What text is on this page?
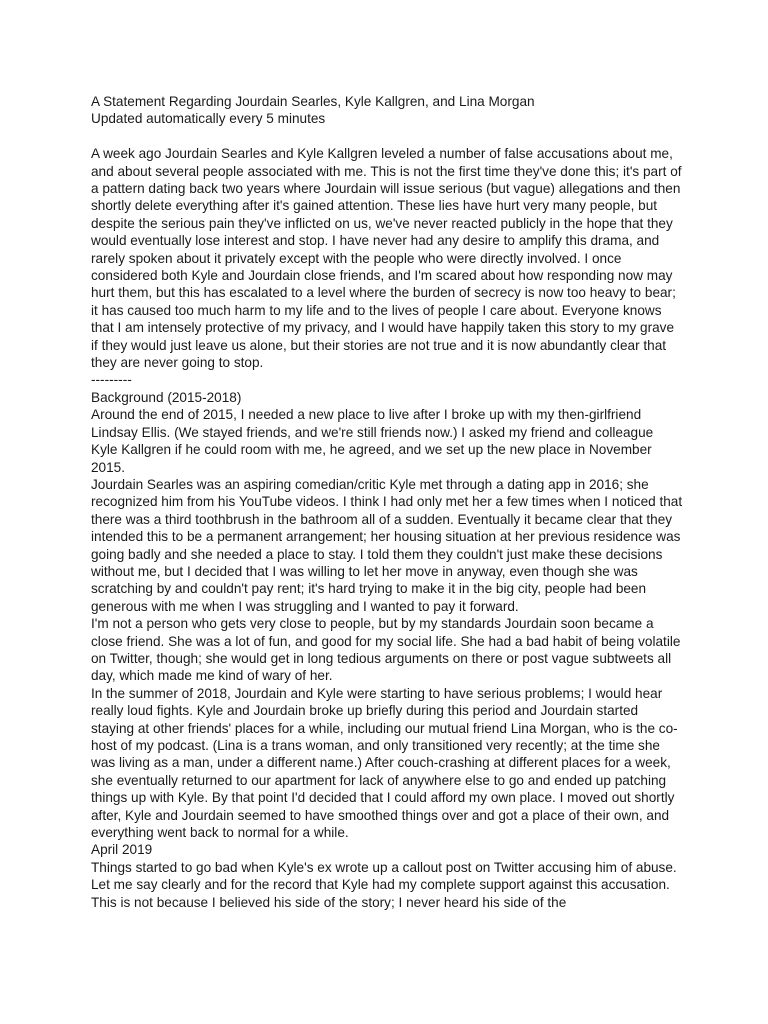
A Statement Regarding Jourdain Searles, Kyle Kallgren, and Lina Morgan

Updated automatically every 5 minutes

A week ago Jourdain Searles and Kyle Kallgren leveled a number of false accusations about me, and about several people associated with me. This is not the first time they've done this; it's part of a pattern dating back two years where Jourdain will issue serious (but vague) allegations and then shortly delete everything after it's gained attention. These lies have hurt very many people, but despite the serious pain they've inflicted on us, we've never reacted publicly in the hope that they would eventually lose interest and stop. I have never had any desire to amplify this drama, and rarely spoken about it privately except with the people who were directly involved. I once considered both Kyle and Jourdain close friends, and I'm scared about how responding now may hurt them, but this has escalated to a level where the burden of secrecy is now too heavy to bear; it has caused too much harm to my life and to the lives of people I care about. Everyone knows that I am intensely protective of my privacy, and I would have happily taken this story to my grave if they would just leave us alone, but their stories are not true and it is now abundantly clear that they are never going to stop.

---------

Background (2015-2018)

Around the end of 2015, I needed a new place to live after I broke up with my then-girlfriend Lindsay Ellis. (We stayed friends, and we're still friends now.) I asked my friend and colleague Kyle Kallgren if he could room with me, he agreed, and we set up the new place in November 2015.

Jourdain Searles was an aspiring comedian/critic Kyle met through a dating app in 2016; she recognized him from his YouTube videos. I think I had only met her a few times when I noticed that there was a third toothbrush in the bathroom all of a sudden. Eventually it became clear that they intended this to be a permanent arrangement; her housing situation at her previous residence was going badly and she needed a place to stay. I told them they couldn't just make these decisions without me, but I decided that I was willing to let her move in anyway, even though she was scratching by and couldn't pay rent; it's hard trying to make it in the big city, people had been generous with me when I was struggling and I wanted to pay it forward.

I'm not a person who gets very close to people, but by my standards Jourdain soon became a close friend. She was a lot of fun, and good for my social life. She had a bad habit of being volatile on Twitter, though; she would get in long tedious arguments on there or post vague subtweets all day, which made me kind of wary of her.

In the summer of 2018, Jourdain and Kyle were starting to have serious problems; I would hear really loud fights. Kyle and Jourdain broke up briefly during this period and Jourdain started staying at other friends' places for a while, including our mutual friend Lina Morgan, who is the co-host of my podcast. (Lina is a trans woman, and only transitioned very recently; at the time she was living as a man, under a different name.) After couch-crashing at different places for a week, she eventually returned to our apartment for lack of anywhere else to go and ended up patching things up with Kyle. By that point I'd decided that I could afford my own place. I moved out shortly after, Kyle and Jourdain seemed to have smoothed things over and got a place of their own, and everything went back to normal for a while.

April 2019

Things started to go bad when Kyle's ex wrote up a callout post on Twitter accusing him of abuse.

Let me say clearly and for the record that Kyle had my complete support against this accusation. This is not because I believed his side of the story; I never heard his side of the
